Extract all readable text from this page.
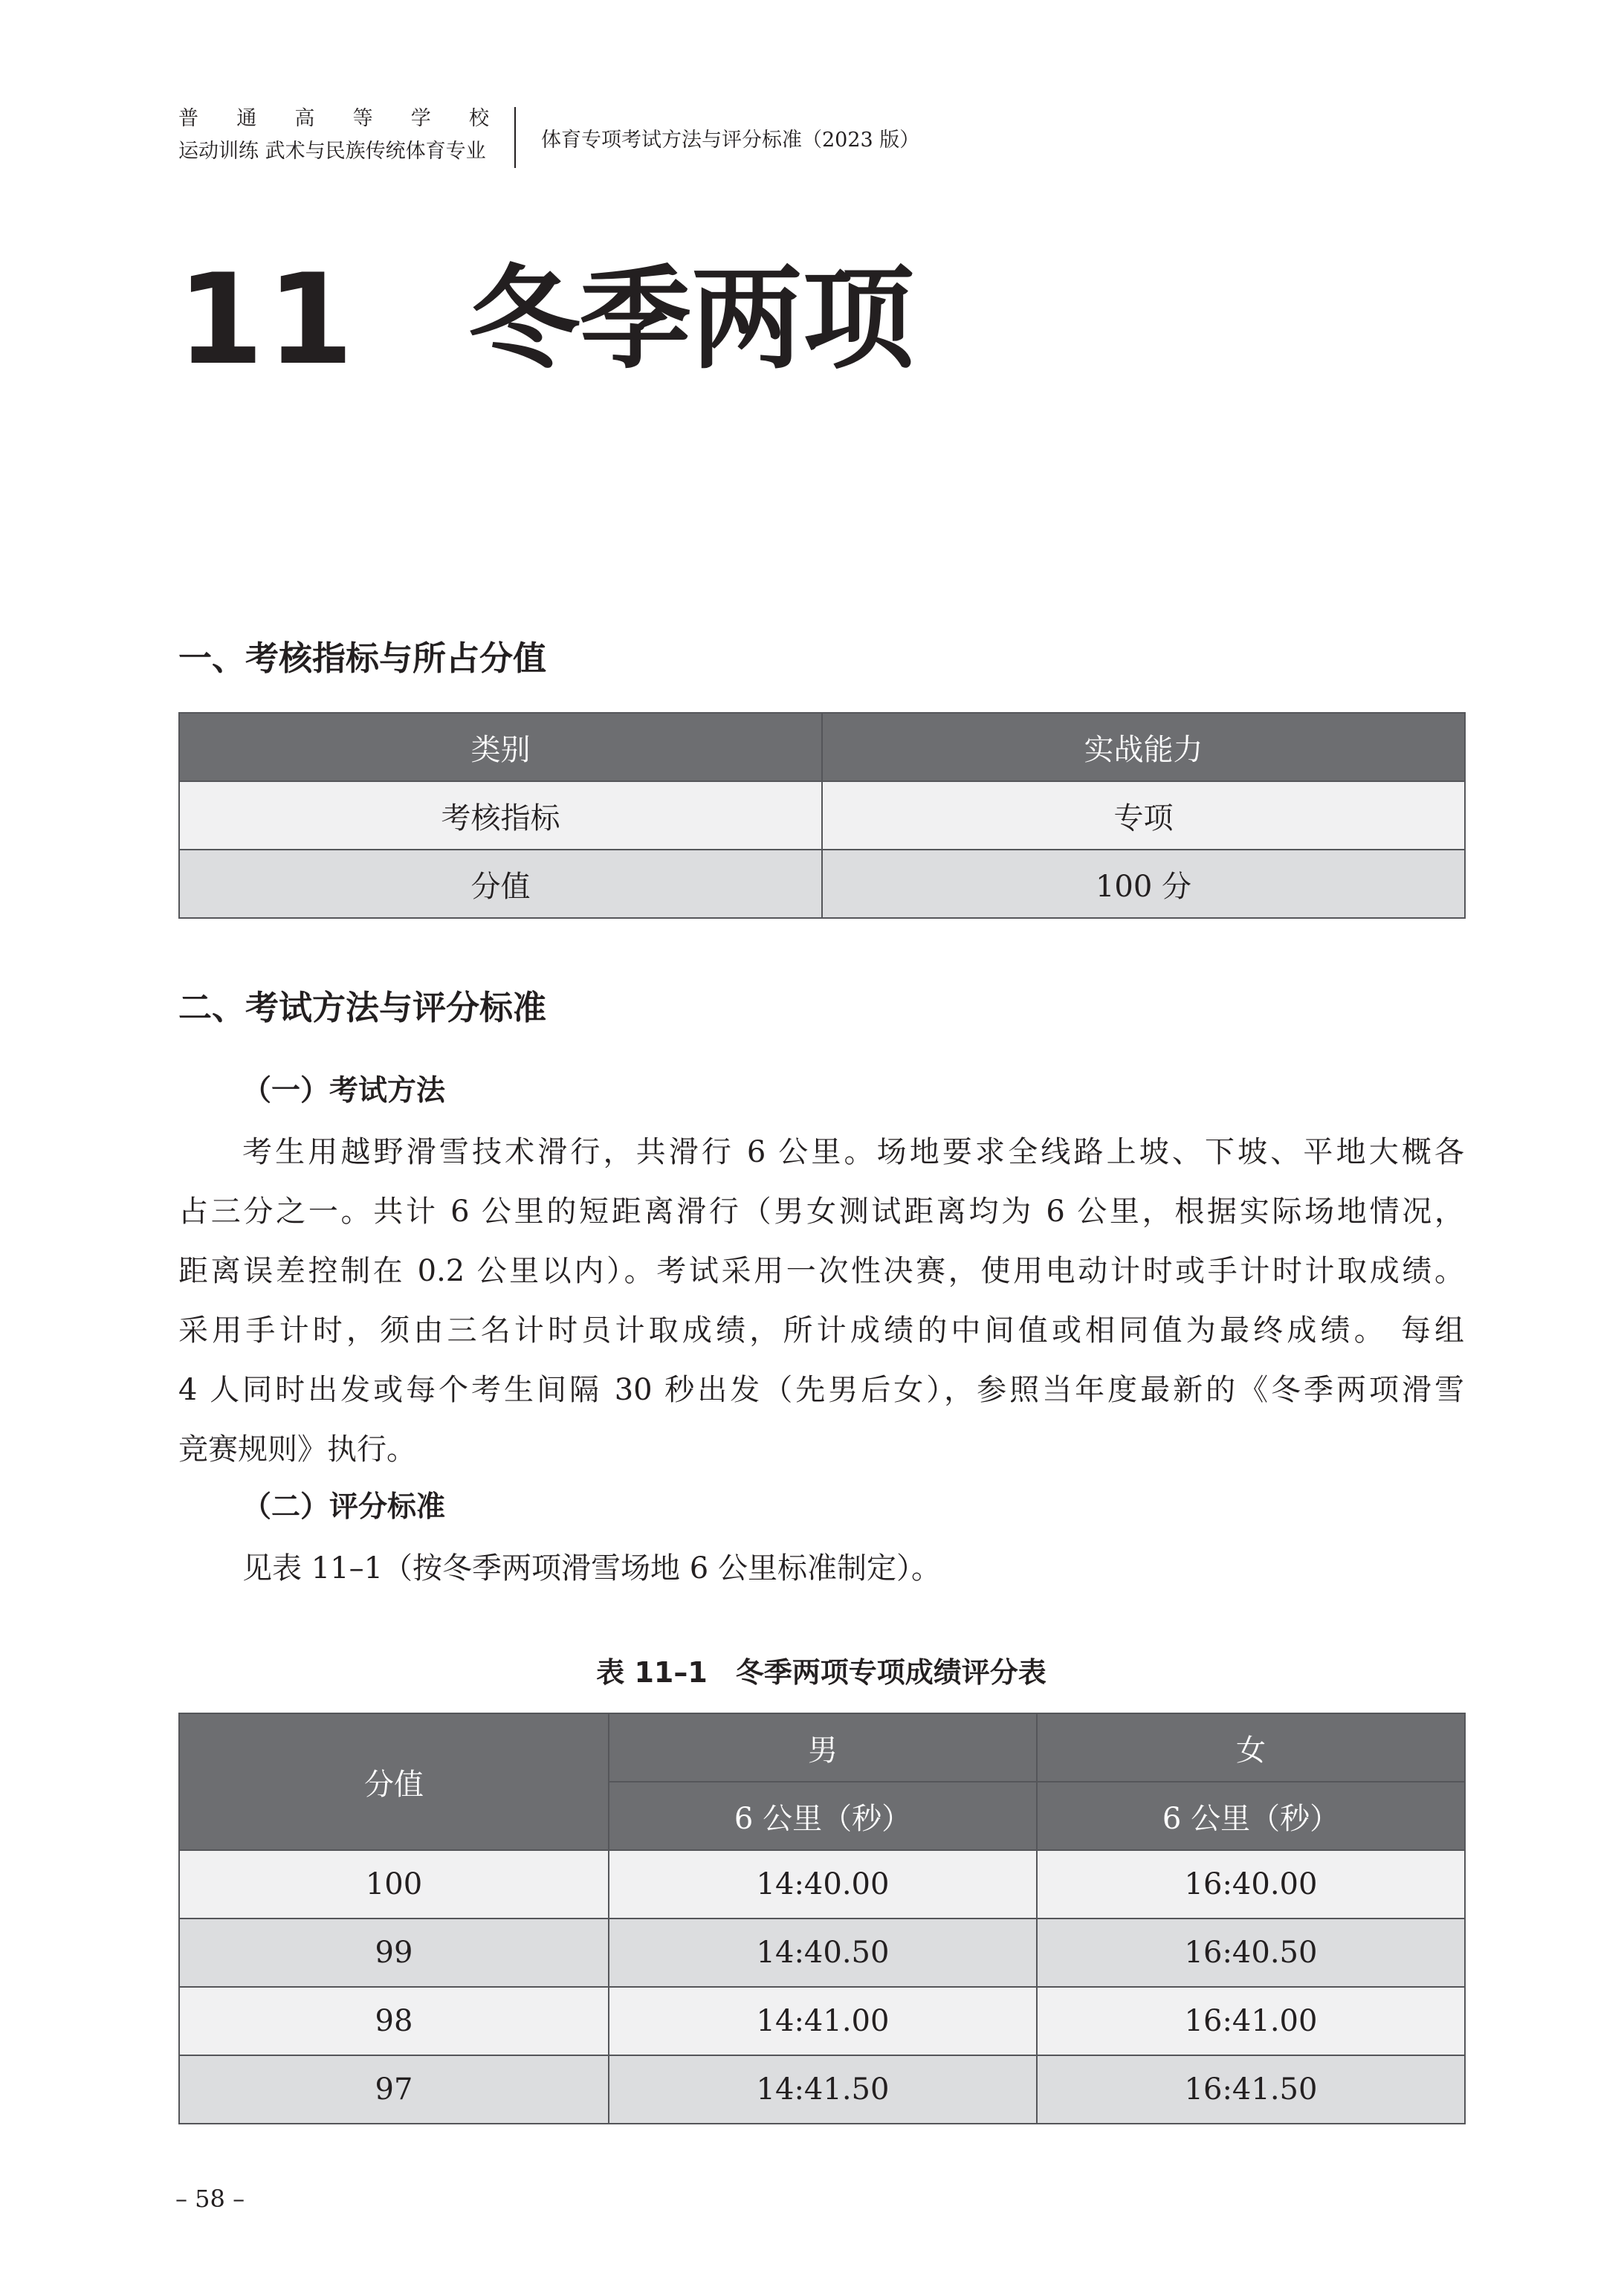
普 通 高 等 学 校
运动训练 武术与民族传统体育专业	体育专项考试方法与评分标准（2023 版）
11 冬季两项
一、考核指标与所占分值
类别	实战能力
考核指标	专项
分值	100 分
二、考试方法与评分标准
（一）考试方法

考生用越野滑雪技术滑行，共滑行 6 公里。场地要求全线路上坡、下坡、平地大概各

占三分之一。共计 6 公里的短距离滑行（男女测试距离均为 6 公里，根据实际场地情况，

距离误差控制在 0.2 公里以内）。考试采用一次性决赛，使用电动计时或手计时计取成绩。

采用手计时，须由三名计时员计取成绩，所计成绩的中间值或相同值为最终成绩。 每组

4 人同时出发或每个考生间隔 30 秒出发（先男后女），参照当年度最新的《冬季两项滑雪

竞赛规则》执行。

（二）评分标准

见表 11–1（按冬季两项滑雪场地 6 公里标准制定）。

表 11–1　冬季两项专项成绩评分表
分值	男	女
	6 公里（秒）	6 公里（秒）
100	14:40.00	16:40.00
99	14:40.50	16:40.50
98	14:41.00	16:41.00
97	14:41.50	16:41.50
– 58 –
